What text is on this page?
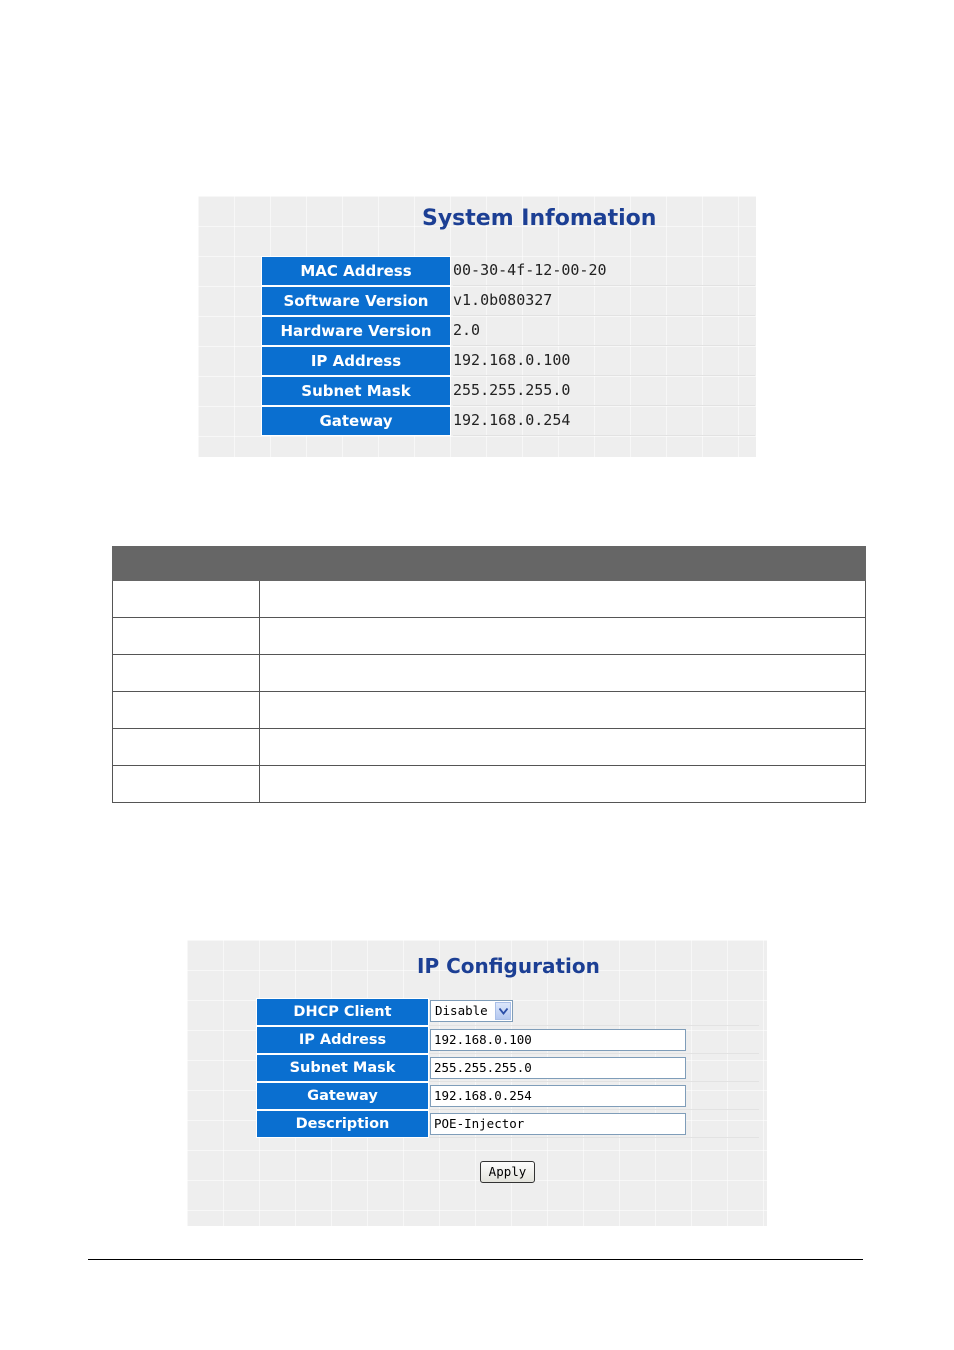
System Infomation
MAC Address	00-30-4f-12-00-20
Software Version	v1.0b080327
Hardware Version	2.0
IP Address	192.168.0.100
Subnet Mask	255.255.255.0
Gateway	192.168.0.254

IP Configuration
DHCP Client	Disable
IP Address	192.168.0.100
Subnet Mask	255.255.255.0
Gateway	192.168.0.254
Description	POE-Injector
Apply
